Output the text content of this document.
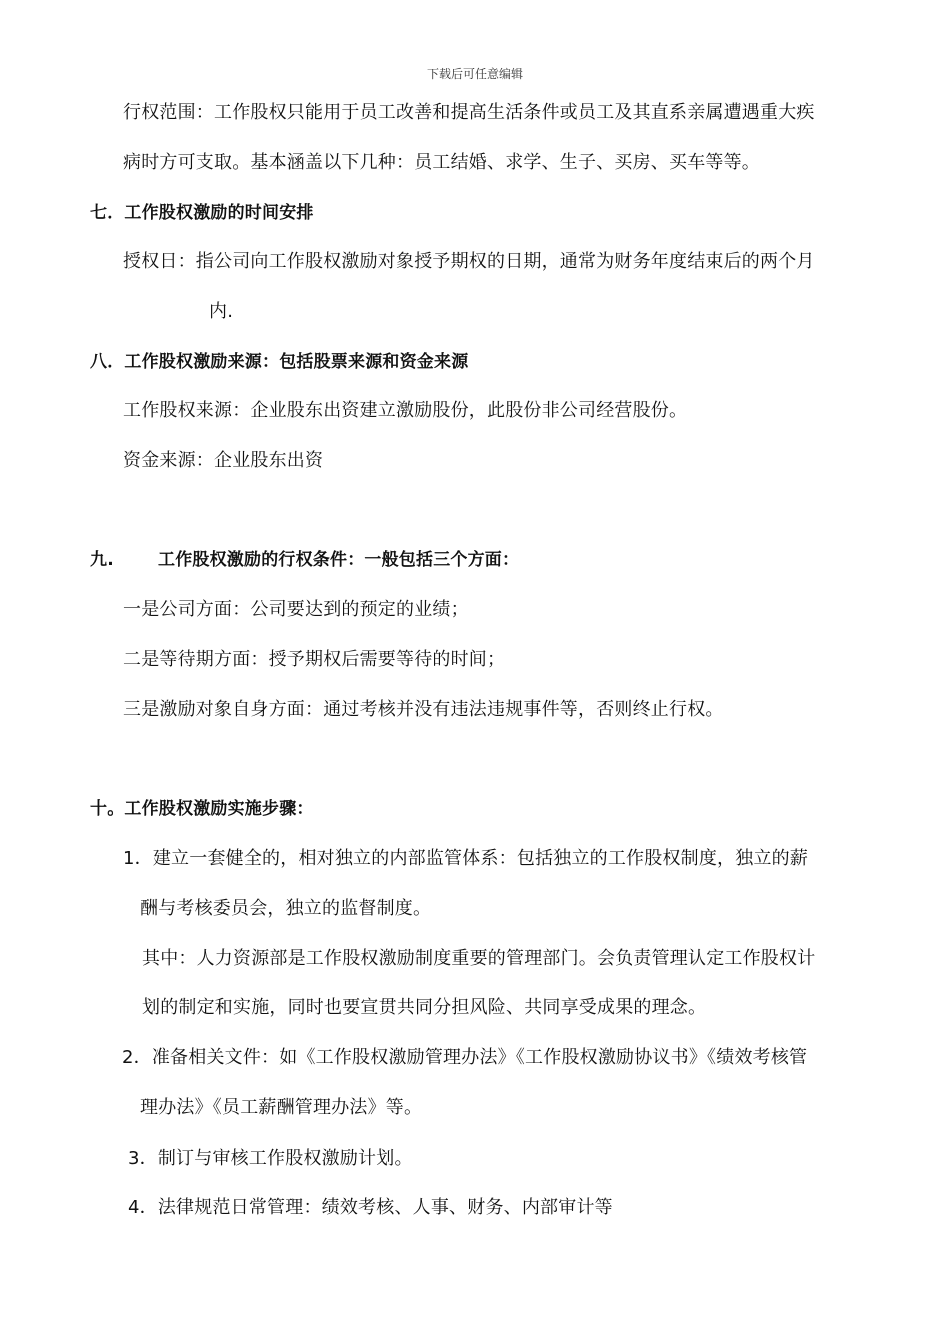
下载后可任意编辑
行权范围：工作股权只能用于员工改善和提高生活条件或员工及其直系亲属遭遇重大疾
病时方可支取。基本涵盖以下几种：员工结婚、求学、生子、买房、买车等等。
七．工作股权激励的时间安排
授权日：指公司向工作股权激励对象授予期权的日期，通常为财务年度结束后的两个月
内.
八．工作股权激励来源：包括股票来源和资金来源
工作股权来源：企业股东出资建立激励股份，此股份非公司经营股份。
资金来源：企业股东出资
九.	工作股权激励的行权条件：一般包括三个方面：
一是公司方面：公司要达到的预定的业绩；
二是等待期方面：授予期权后需要等待的时间；
三是激励对象自身方面：通过考核并没有违法违规事件等，否则终止行权。
十。工作股权激励实施步骤：
1．建立一套健全的，相对独立的内部监管体系：包括独立的工作股权制度，独立的薪
酬与考核委员会，独立的监督制度。
其中：人力资源部是工作股权激励制度重要的管理部门。会负责管理认定工作股权计
划的制定和实施，同时也要宣贯共同分担风险、共同享受成果的理念。
2．准备相关文件：如《工作股权激励管理办法》《工作股权激励协议书》《绩效考核管
理办法》《员工薪酬管理办法》等。
3．制订与审核工作股权激励计划。
4．法律规范日常管理：绩效考核、人事、财务、内部审计等
